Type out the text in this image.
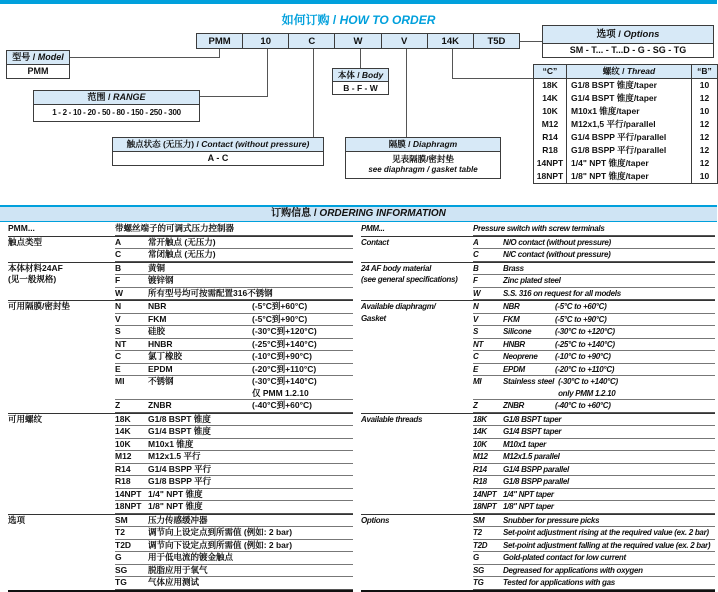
如何订购 / HOW TO ORDER
PMM	10	C	W	V	14K	T5D
型号 / Model
PMM
范围 / RANGE
1 - 2 - 10 - 20 - 50 - 80 - 150 - 250 - 300
触点状态 (无压力) / Contact (without pressure)
A - C
本体 / Body
B - F - W
隔膜 / Diaphragm
见表隔膜/密封垫
see diaphragm / gasket table
选项 / Options
SM - T... - T...D - G - SG - TG
“C”	螺纹 / Thread	“B”
18K	G1/8 BSPT 锥度/taper	10
14K	G1/4 BSPT 锥度/taper	12
10K	M10x1 锥度/taper	10
M12	M12x1,5 平行/parallel	12
R14	G1/4 BSPP 平行/parallel	12
R18	G1/8 BSPP 平行/parallel	12
14NPT 1/4" NPT 锥度/taper	12
18NPT 1/8" NPT 锥度/taper	10
订购信息 / ORDERING INFORMATION
PMM...	带螺丝端子的可调式压力控制器
触点类型	A	常开触点 (无压力)
C	常闭触点 (无压力)
本体材料24AF
(见一般规格)
B	黄铜
F	镀锌钢
W	所有型号均可按需配置316不锈钢
可用隔膜/密封垫	N	NBR	(-5°C到+60°C)
V	FKM	(-5°C到+90°C)
S	硅胶	(-30°C到+120°C)
NT	HNBR	(-25°C到+140°C)
C	氯丁橡胶	(-10°C到+90°C)
E	EPDM	(-20°C到+110°C)
MI	不锈钢	(-30°C到+140°C)
仅 PMM 1.2.10
Z	ZNBR	(-40°C到+60°C)
可用螺纹	18K	G1/8 BSPT 锥度
14K	G1/4 BSPT 锥度
10K	M10x1 锥度
M12	M12x1.5 平行
R14	G1/4 BSPP 平行
R18	G1/8 BSPP 平行
14NPT 1/4" NPT 锥度
18NPT 1/8" NPT 锥度
选项	SM	压力传感缓冲器
T2	调节向上设定点到所需值 (例如: 2 bar)
T2D	调节向下设定点到所需值 (例如: 2 bar)
G	用于低电流的镀金触点
SG	脱脂应用于氧气
TG	气体应用测试
PMM...	Pressure switch with screw terminals
Contact	A	N/O contact (without pressure)
C	N/C contact (without pressure)
24 AF body material
(see general specifications)
B	Brass
F	Zinc plated steel
W	S.S. 316 on request for all models
Available diaphragm/
Gasket
N	NBR	(-5°C to +60°C)
V	FKM	(-5°C to +90°C)
S	Silicone	(-30°C to +120°C)
NT	HNBR	(-25°C to +140°C)
C	Neoprene	(-10°C to +90°C)
E	EPDM	(-20°C to +110°C)
MI	Stainless steel (-30°C to +140°C)
only PMM 1.2.10
Z	ZNBR	(-40°C to +60°C)
Available threads	18K	G1/8 BSPT taper
14K	G1/4 BSPT taper
10K	M10x1 taper
M12	M12x1.5 parallel
R14	G1/4 BSPP parallel
R18	G1/8 BSPP parallel
14NPT 1/4" NPT taper
18NPT 1/8" NPT taper
Options	SM	Snubber for pressure picks
T2	Set-point adjustment rising at the required value (ex. 2 bar)
T2D	Set-point adjustment falling at the required value (ex. 2 bar)
G	Gold-plated contact for low current
SG	Degreased for applications with oxygen
TG	Tested for applications with gas
